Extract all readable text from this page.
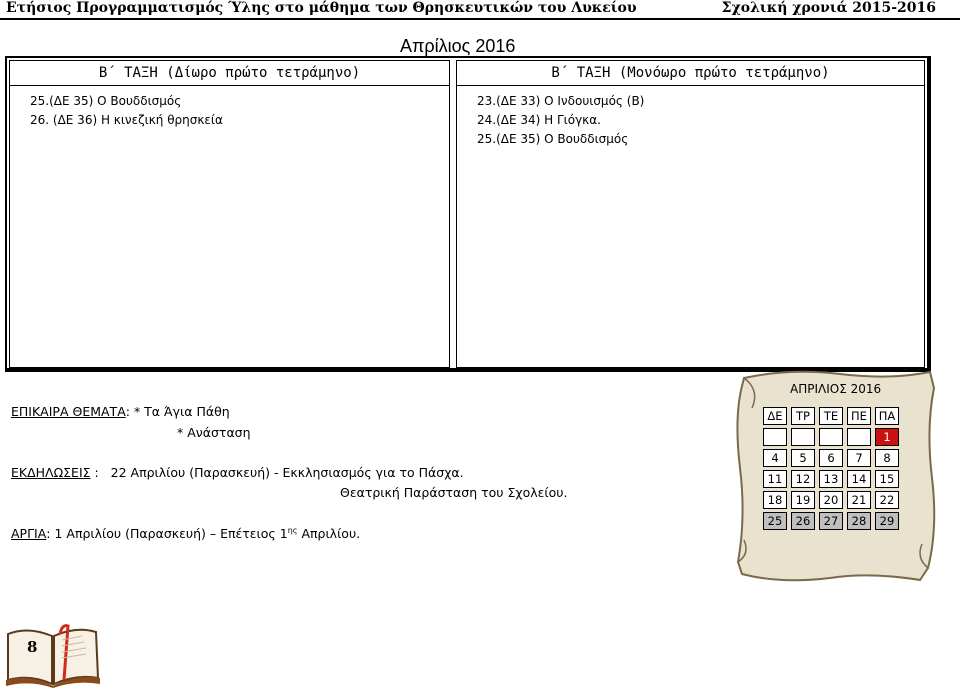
Ετήσιος Προγραμματισμός Ύλης στο μάθημα των Θρησκευτικών του Λυκείου	Σχολική χρονιά 2015-2016
Απρίλιος 2016
Β΄ ΤΑΞΗ (Δίωρο πρώτο τετράμηνο)
25.(ΔΕ 35) Ο Βουδδισμός
26. (ΔΕ 36) Η κινεζική θρησκεία
Β΄ ΤΑΞΗ (Μονόωρο πρώτο τετράμηνο)
23.(ΔΕ 33) Ο Ινδουισμός (Β)
24.(ΔΕ 34) Η Γιόγκα.
25.(ΔΕ 35) Ο Βουδδισμός
ΕΠΙΚΑΙΡΑ ΘΕΜΑΤΑ: * Τα Άγια Πάθη
* Ανάσταση
ΕΚΔΗΛΩΣΕΙΣ :   22 Απριλίου (Παρασκευή) - Εκκλησιασμός για το Πάσχα.
Θεατρική Παράσταση του Σχολείου.
ΑΡΓΙΑ: 1 Απριλίου (Παρασκευή) – Επέτειος $1^{\eta\varsigma}$ Απριλίου.
ΑΠΡΙΛΙΟΣ 2016
ΔΕ	ΤΡ	ΤΕ	ΠΕ	ΠΑ
				1
4	5	6	7	8
11	12	13	14	15
18	19	20	21	22
25	26	27	28	29
8
